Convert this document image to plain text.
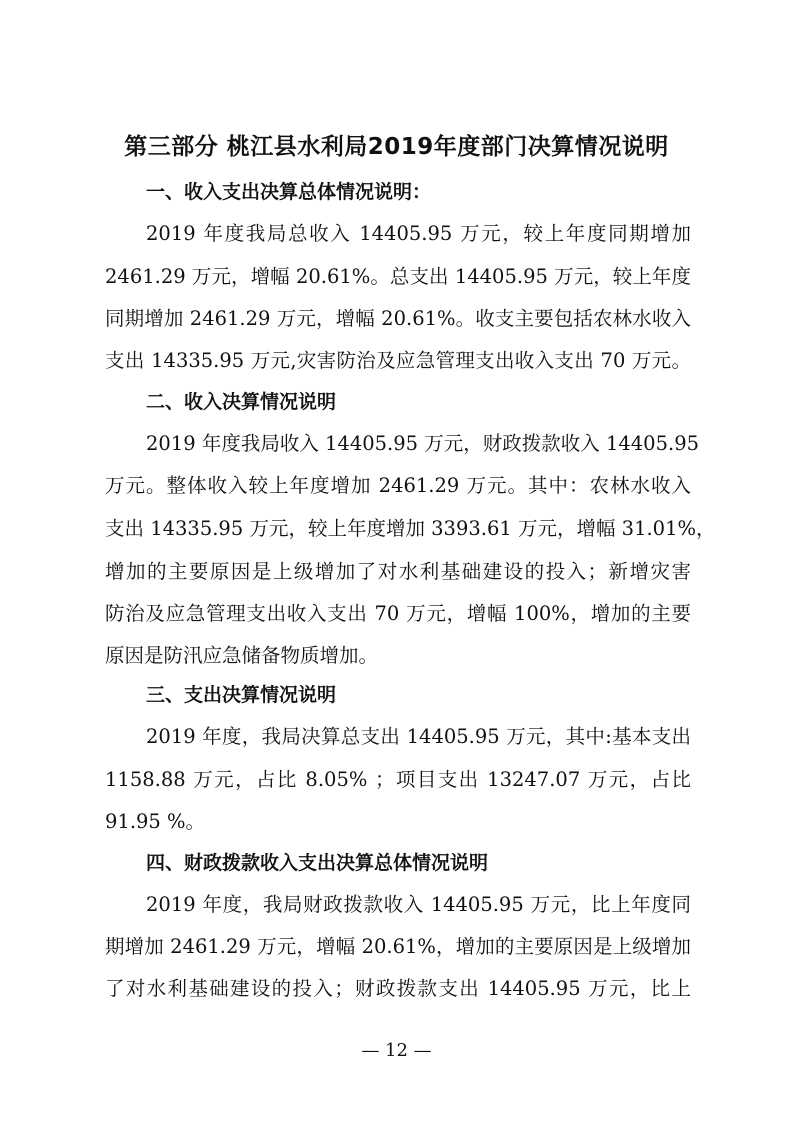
第三部分 桃江县水利局2019年度部门决算情况说明
一、收入支出决算总体情况说明：
2019 年度我局总收入 14405.95 万元，较上年度同期增加
2461.29 万元，增幅 20.61%。总支出 14405.95 万元，较上年度
同期增加 2461.29 万元，增幅 20.61%。收支主要包括农林水收入
支出 14335.95 万元,灾害防治及应急管理支出收入支出 70 万元。
二、收入决算情况说明
2019 年度我局收入 14405.95 万元，财政拨款收入 14405.95
万元。整体收入较上年度增加 2461.29 万元。其中：农林水收入
支出 14335.95 万元，较上年度增加 3393.61 万元，增幅 31.01%，
增加的主要原因是上级增加了对水利基础建设的投入；新增灾害
防治及应急管理支出收入支出 70 万元，增幅 100%，增加的主要
原因是防汛应急储备物质增加。
三、支出决算情况说明
2019 年度，我局决算总支出 14405.95 万元，其中:基本支出
1158.88 万元，占比 8.05% ；项目支出 13247.07 万元，占比
91.95 %。
四、财政拨款收入支出决算总体情况说明
2019 年度，我局财政拨款收入 14405.95 万元，比上年度同
期增加 2461.29 万元，增幅 20.61%，增加的主要原因是上级增加
了对水利基础建设的投入；财政拨款支出 14405.95 万元，比上
— 12 —
